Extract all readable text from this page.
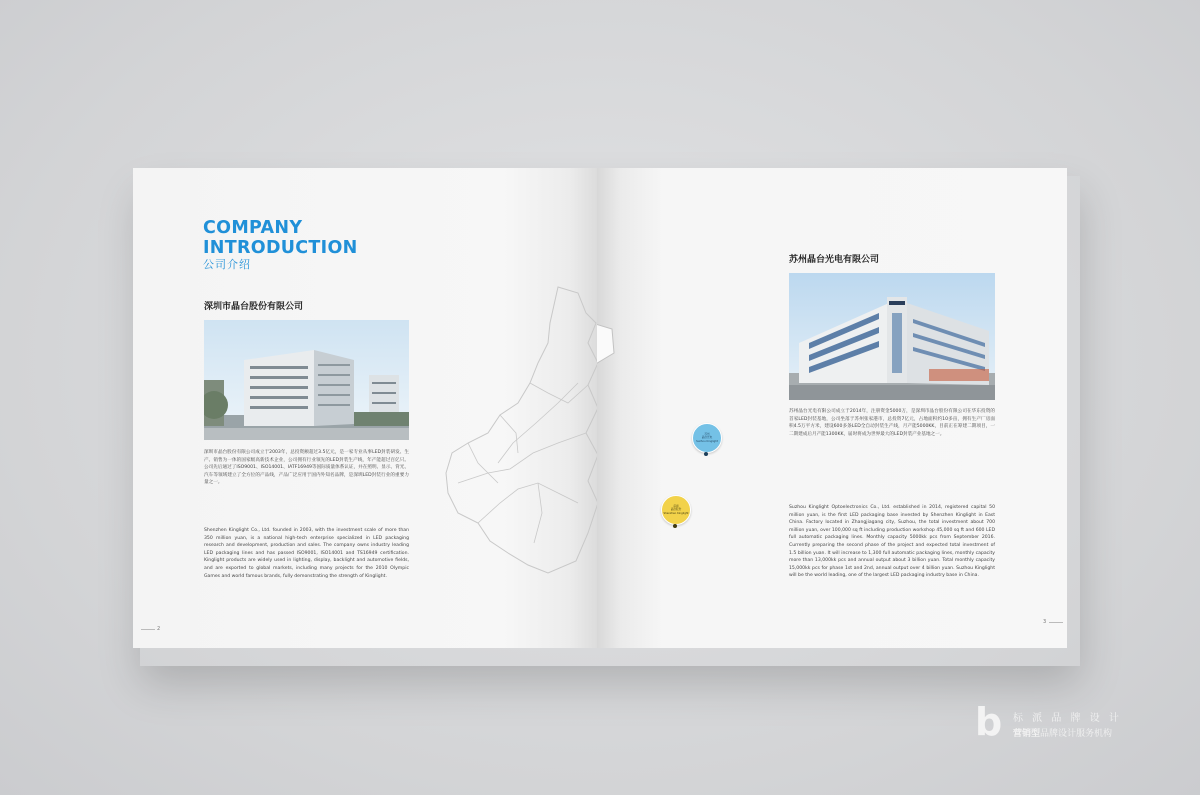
COMPANY
INTRODUCTION
公司介绍
深圳市晶台股份有限公司
深圳市晶台股份有限公司成立于2003年，总投资额超过3.5亿元，是一家专业从事LED封装研发、生产、销售为一体的国家级高新技术企业，公司拥有行业领先的LED封装生产线，年产能超过百亿只。公司先后通过了ISO9001、ISO14001、IATF16949等国际质量体系认证，并在照明、显示、背光、汽车等领域建立了全方位的产品线，产品广泛应用于国内外知名品牌，是深圳LED封装行业的重要力量之一。
Shenzhen Kinglight Co., Ltd. founded in 2003, with the investment scale of more than 350 million yuan, is a national high-tech enterprise specialized in LED packaging research and development, production and sales. The company owns industry leading LED packaging lines and has passed ISO9001, ISO14001 and TS16949 certification. Kinglight products are widely used in lighting, display, backlight and automotive fields, and are exported to global markets, including many projects for the 2010 Olympic Games and world famous brands, fully demonstrating the strength of Kinglight.
2
苏州
晶台光电
Suzhou Kinglight
深圳
晶台股份
Shenzhen Kinglight
苏州晶台光电有限公司
苏州晶台光电有限公司成立于2014年，注册资金5000万，是深圳市晶台股份有限公司在华东投资的首家LED封装基地，公司坐落于苏州张家港市，总投资7亿元，占地面积约10多亩，拥有生产厂房面积4.5万平方米，建设600多条LED全自动封装生产线，月产能5000KK，目前正在筹建二期项目，一二期建成后月产能1300KK，届时将成为世界最大的LED封装产业基地之一。
Suzhou Kinglight Optoelectronics Co., Ltd. established in 2014, registered capital 50 million yuan, is the first LED packaging base invested by Shenzhen Kinglight in East China. Factory located in Zhangjiagang city, Suzhou, the total investment about 700 million yuan, over 100,000 sq ft including production workshop 45,000 sq ft and 600 LED full automatic packaging lines. Monthly capacity 5000kk pcs from September 2016. Currently preparing the second phase of the project and expected total investment of 1.5 billion yuan. It will increase to 1,300 full automatic packaging lines, monthly capacity more than 13,000kk pcs and annual output about 3 billion yuan. Total monthly capacity 15,000kk pcs for phase 1st and 2nd, annual output over 4 billion yuan. Suzhou Kinglight will be the world leading, one of the largest LED packaging industry base in China.
3
b 标 派 品 牌 设 计
营销型品牌设计服务机构
